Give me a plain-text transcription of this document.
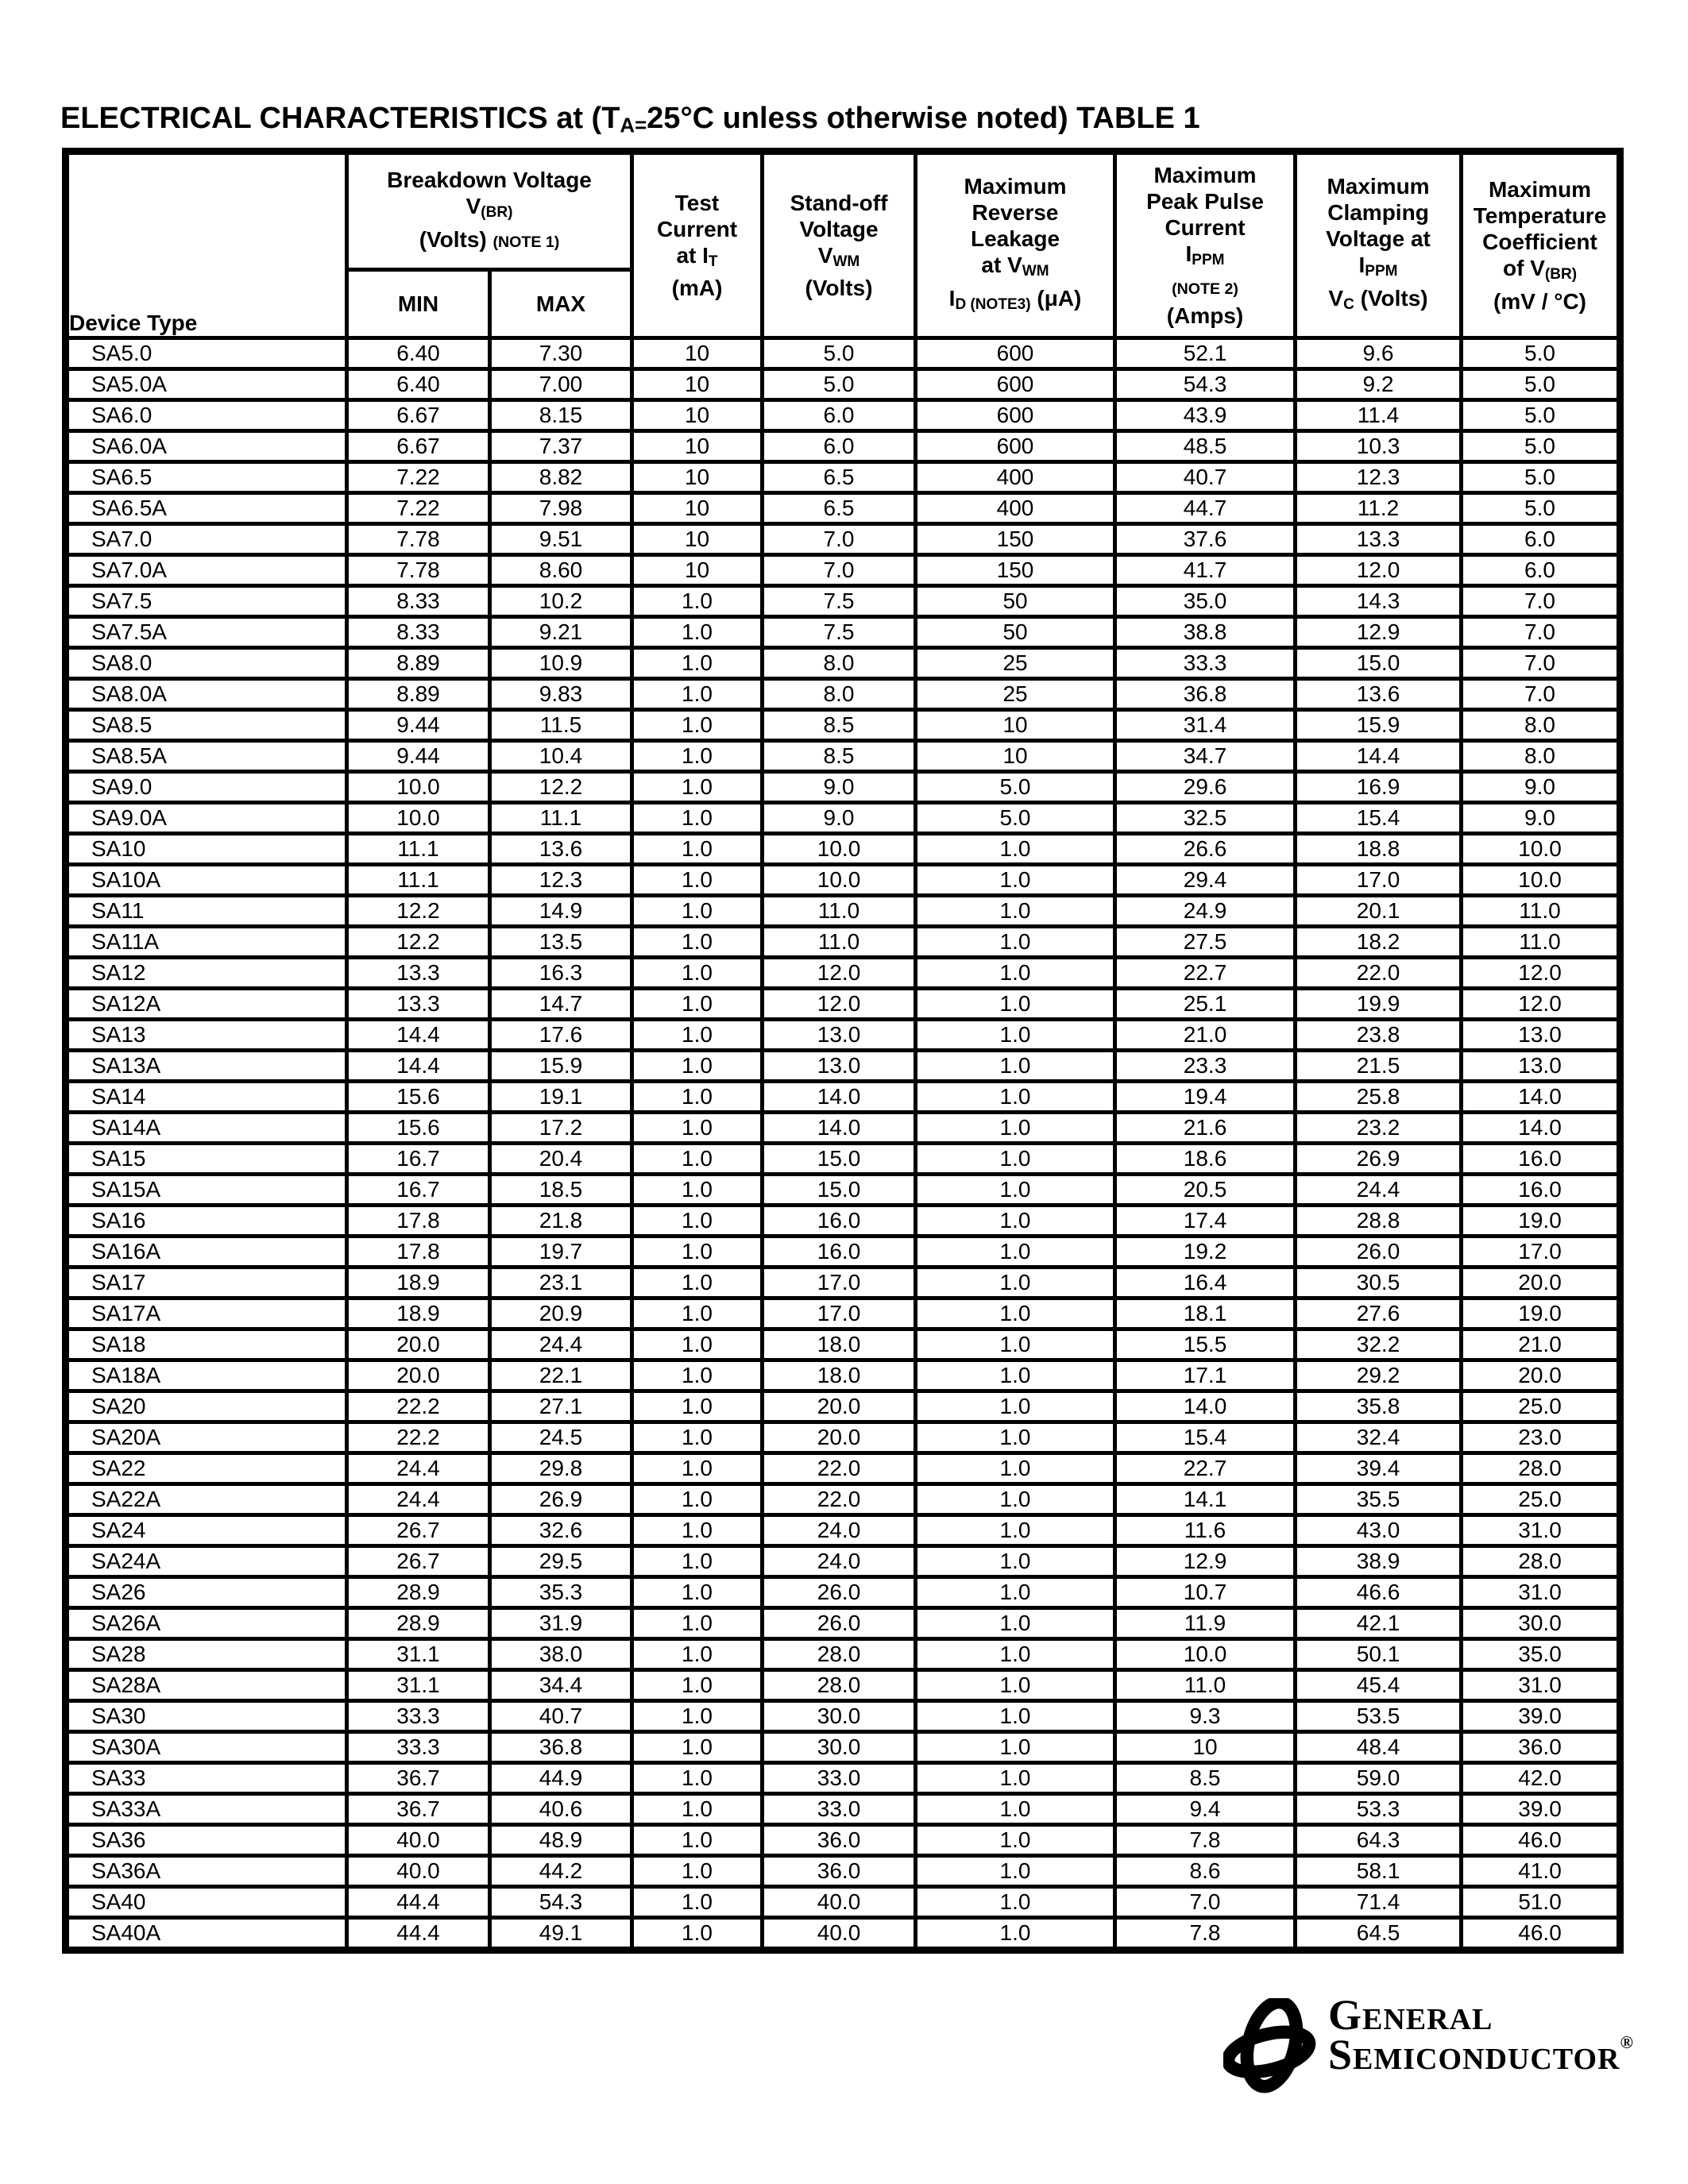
ELECTRICAL CHARACTERISTICS at ($T_{A=}25^\circ C$ unless otherwise noted) TABLE 1
Device Type

Breakdown Voltage
$V_{(BR)}$
(Volts) (NOTE 1)

Test
Current
at $I_T$
(mA)

Stand-off
Voltage
$V_{WM}$
(Volts)

Maximum
Reverse
Leakage
at $V_{WM}$
$I_{D (NOTE3)}$ (μA)

Maximum
Peak Pulse
Current
$I_{PPM}$
(NOTE 2)
(Amps)

Maximum
Clamping
Voltage at
$I_{PPM}$
$V_C$ (Volts)

Maximum
Temperature
Coefficient
of $V_{(BR)}$
(mV / °C)

	MIN	MAX						

SA5.0	6.40	7.30	10	5.0	600	52.1	9.6	5.0
SA5.0A	6.40	7.00	10	5.0	600	54.3	9.2	5.0
SA6.0	6.67	8.15	10	6.0	600	43.9	11.4	5.0
SA6.0A	6.67	7.37	10	6.0	600	48.5	10.3	5.0
SA6.5	7.22	8.82	10	6.5	400	40.7	12.3	5.0
SA6.5A	7.22	7.98	10	6.5	400	44.7	11.2	5.0
SA7.0	7.78	9.51	10	7.0	150	37.6	13.3	6.0
SA7.0A	7.78	8.60	10	7.0	150	41.7	12.0	6.0
SA7.5	8.33	10.2	1.0	7.5	50	35.0	14.3	7.0
SA7.5A	8.33	9.21	1.0	7.5	50	38.8	12.9	7.0
SA8.0	8.89	10.9	1.0	8.0	25	33.3	15.0	7.0
SA8.0A	8.89	9.83	1.0	8.0	25	36.8	13.6	7.0
SA8.5	9.44	11.5	1.0	8.5	10	31.4	15.9	8.0
SA8.5A	9.44	10.4	1.0	8.5	10	34.7	14.4	8.0
SA9.0	10.0	12.2	1.0	9.0	5.0	29.6	16.9	9.0
SA9.0A	10.0	11.1	1.0	9.0	5.0	32.5	15.4	9.0
SA10	11.1	13.6	1.0	10.0	1.0	26.6	18.8	10.0
SA10A	11.1	12.3	1.0	10.0	1.0	29.4	17.0	10.0
SA11	12.2	14.9	1.0	11.0	1.0	24.9	20.1	11.0
SA11A	12.2	13.5	1.0	11.0	1.0	27.5	18.2	11.0
SA12	13.3	16.3	1.0	12.0	1.0	22.7	22.0	12.0
SA12A	13.3	14.7	1.0	12.0	1.0	25.1	19.9	12.0
SA13	14.4	17.6	1.0	13.0	1.0	21.0	23.8	13.0
SA13A	14.4	15.9	1.0	13.0	1.0	23.3	21.5	13.0
SA14	15.6	19.1	1.0	14.0	1.0	19.4	25.8	14.0
SA14A	15.6	17.2	1.0	14.0	1.0	21.6	23.2	14.0
SA15	16.7	20.4	1.0	15.0	1.0	18.6	26.9	16.0
SA15A	16.7	18.5	1.0	15.0	1.0	20.5	24.4	16.0
SA16	17.8	21.8	1.0	16.0	1.0	17.4	28.8	19.0
SA16A	17.8	19.7	1.0	16.0	1.0	19.2	26.0	17.0
SA17	18.9	23.1	1.0	17.0	1.0	16.4	30.5	20.0
SA17A	18.9	20.9	1.0	17.0	1.0	18.1	27.6	19.0
SA18	20.0	24.4	1.0	18.0	1.0	15.5	32.2	21.0
SA18A	20.0	22.1	1.0	18.0	1.0	17.1	29.2	20.0
SA20	22.2	27.1	1.0	20.0	1.0	14.0	35.8	25.0
SA20A	22.2	24.5	1.0	20.0	1.0	15.4	32.4	23.0
SA22	24.4	29.8	1.0	22.0	1.0	22.7	39.4	28.0
SA22A	24.4	26.9	1.0	22.0	1.0	14.1	35.5	25.0
SA24	26.7	32.6	1.0	24.0	1.0	11.6	43.0	31.0
SA24A	26.7	29.5	1.0	24.0	1.0	12.9	38.9	28.0
SA26	28.9	35.3	1.0	26.0	1.0	10.7	46.6	31.0
SA26A	28.9	31.9	1.0	26.0	1.0	11.9	42.1	30.0
SA28	31.1	38.0	1.0	28.0	1.0	10.0	50.1	35.0
SA28A	31.1	34.4	1.0	28.0	1.0	11.0	45.4	31.0
SA30	33.3	40.7	1.0	30.0	1.0	9.3	53.5	39.0
SA30A	33.3	36.8	1.0	30.0	1.0	10	48.4	36.0
SA33	36.7	44.9	1.0	33.0	1.0	8.5	59.0	42.0
SA33A	36.7	40.6	1.0	33.0	1.0	9.4	53.3	39.0
SA36	40.0	48.9	1.0	36.0	1.0	7.8	64.3	46.0
SA36A	40.0	44.2	1.0	36.0	1.0	8.6	58.1	41.0
SA40	44.4	54.3	1.0	40.0	1.0	7.0	71.4	51.0
SA40A	44.4	49.1	1.0	40.0	1.0	7.8	64.5	46.0
General
Semiconductor®
